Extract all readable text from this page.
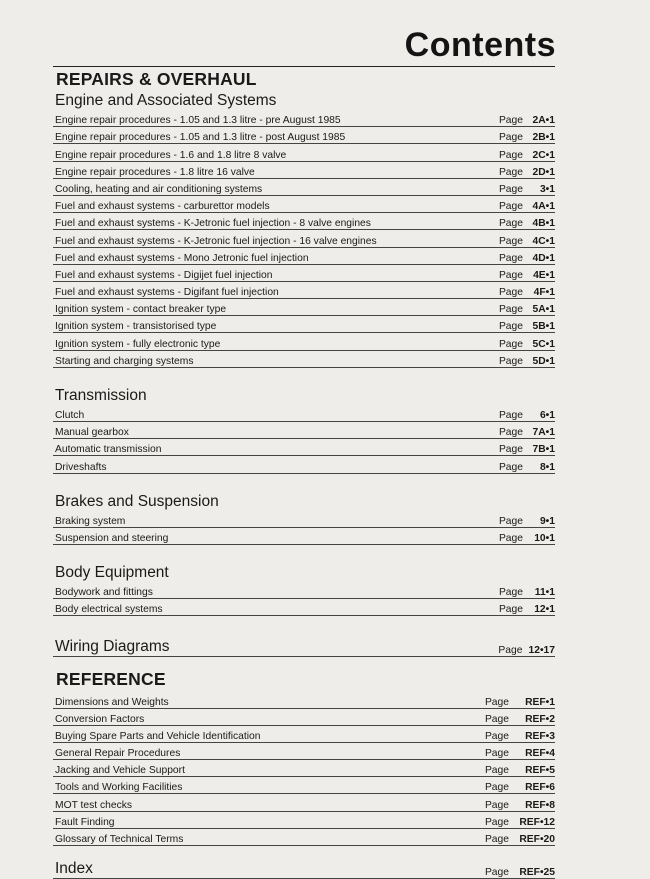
Contents
REPAIRS & OVERHAUL
Engine and Associated Systems
Engine repair procedures - 1.05 and 1.3 litre - pre August 1985	Page 2A•1
Engine repair procedures - 1.05 and 1.3 litre - post August 1985	Page 2B•1
Engine repair procedures - 1.6 and 1.8 litre 8 valve	Page 2C•1
Engine repair procedures - 1.8 litre 16 valve	Page 2D•1
Cooling, heating and air conditioning systems	Page 3•1
Fuel and exhaust systems - carburettor models	Page 4A•1
Fuel and exhaust systems - K-Jetronic fuel injection - 8 valve engines	Page 4B•1
Fuel and exhaust systems - K-Jetronic fuel injection - 16 valve engines	Page 4C•1
Fuel and exhaust systems - Mono Jetronic fuel injection	Page 4D•1
Fuel and exhaust systems - Digijet fuel injection	Page 4E•1
Fuel and exhaust systems - Digifant fuel injection	Page 4F•1
Ignition system - contact breaker type	Page 5A•1
Ignition system - transistorised type	Page 5B•1
Ignition system - fully electronic type	Page 5C•1
Starting and charging systems	Page 5D•1
Transmission
Clutch	Page 6•1
Manual gearbox	Page 7A•1
Automatic transmission	Page 7B•1
Driveshafts	Page 8•1
Brakes and Suspension
Braking system	Page 9•1
Suspension and steering	Page 10•1
Body Equipment
Bodywork and fittings	Page 11•1
Body electrical systems	Page 12•1
Wiring Diagrams	Page 12•17
REFERENCE
Dimensions and Weights	Page REF•1
Conversion Factors	Page REF•2
Buying Spare Parts and Vehicle Identification	Page REF•3
General Repair Procedures	Page REF•4
Jacking and Vehicle Support	Page REF•5
Tools and Working Facilities	Page REF•6
MOT test checks	Page REF•8
Fault Finding	Page REF•12
Glossary of Technical Terms	Page REF•20
Index	Page REF•25
